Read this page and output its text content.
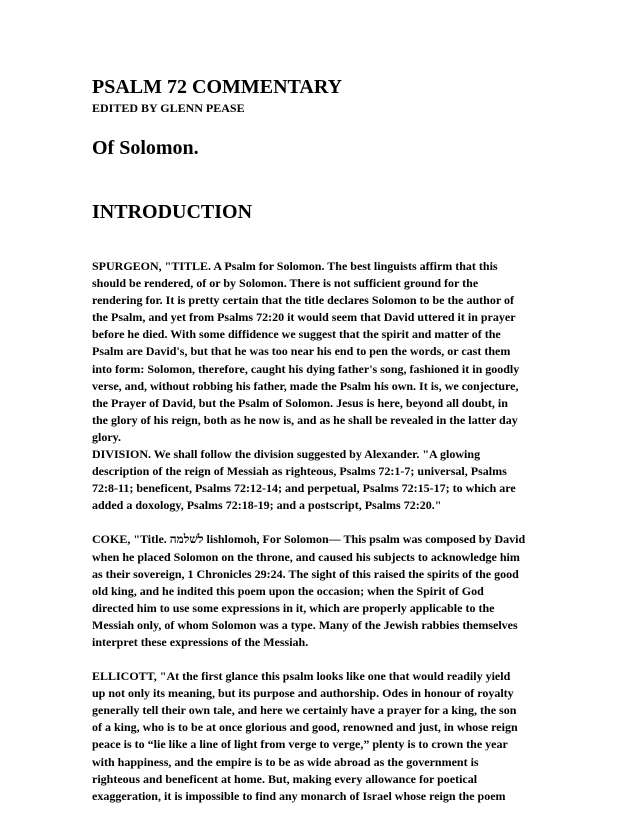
PSALM 72 COMMENTARY
EDITED BY GLENN PEASE
Of Solomon.
INTRODUCTION
SPURGEON, "TITLE. A Psalm for Solomon. The best linguists affirm that this
should be rendered, of or by Solomon. There is not sufficient ground for the
rendering for. It is pretty certain that the title declares Solomon to be the author of
the Psalm, and yet from Psalms 72:20 it would seem that David uttered it in prayer
before he died. With some diffidence we suggest that the spirit and matter of the
Psalm are David's, but that he was too near his end to pen the words, or cast them
into form: Solomon, therefore, caught his dying father's song, fashioned it in goodly
verse, and, without robbing his father, made the Psalm his own. It is, we conjecture,
the Prayer of David, but the Psalm of Solomon. Jesus is here, beyond all doubt, in
the glory of his reign, both as he now is, and as he shall be revealed in the latter day
glory.
DIVISION. We shall follow the division suggested by Alexander. "A glowing
description of the reign of Messiah as righteous, Psalms 72:1-7; universal, Psalms
72:8-11; beneficent, Psalms 72:12-14; and perpetual, Psalms 72:15-17; to which are
added a doxology, Psalms 72:18-19; and a postscript, Psalms 72:20."
COKE, "Title. לשׁלמה lishlomoh, For Solomon— This psalm was composed by David
when he placed Solomon on the throne, and caused his subjects to acknowledge him
as their sovereign, 1 Chronicles 29:24. The sight of this raised the spirits of the good
old king, and he indited this poem upon the occasion; when the Spirit of God
directed him to use some expressions in it, which are properly applicable to the
Messiah only, of whom Solomon was a type. Many of the Jewish rabbies themselves
interpret these expressions of the Messiah.
ELLICOTT, "At the first glance this psalm looks like one that would readily yield
up not only its meaning, but its purpose and authorship. Odes in honour of royalty
generally tell their own tale, and here we certainly have a prayer for a king, the son
of a king, who is to be at once glorious and good, renowned and just, in whose reign
peace is to “lie like a line of light from verge to verge,” plenty is to crown the year
with happiness, and the empire is to be as wide abroad as the government is
righteous and beneficent at home. But, making every allowance for poetical
exaggeration, it is impossible to find any monarch of Israel whose reign the poem
